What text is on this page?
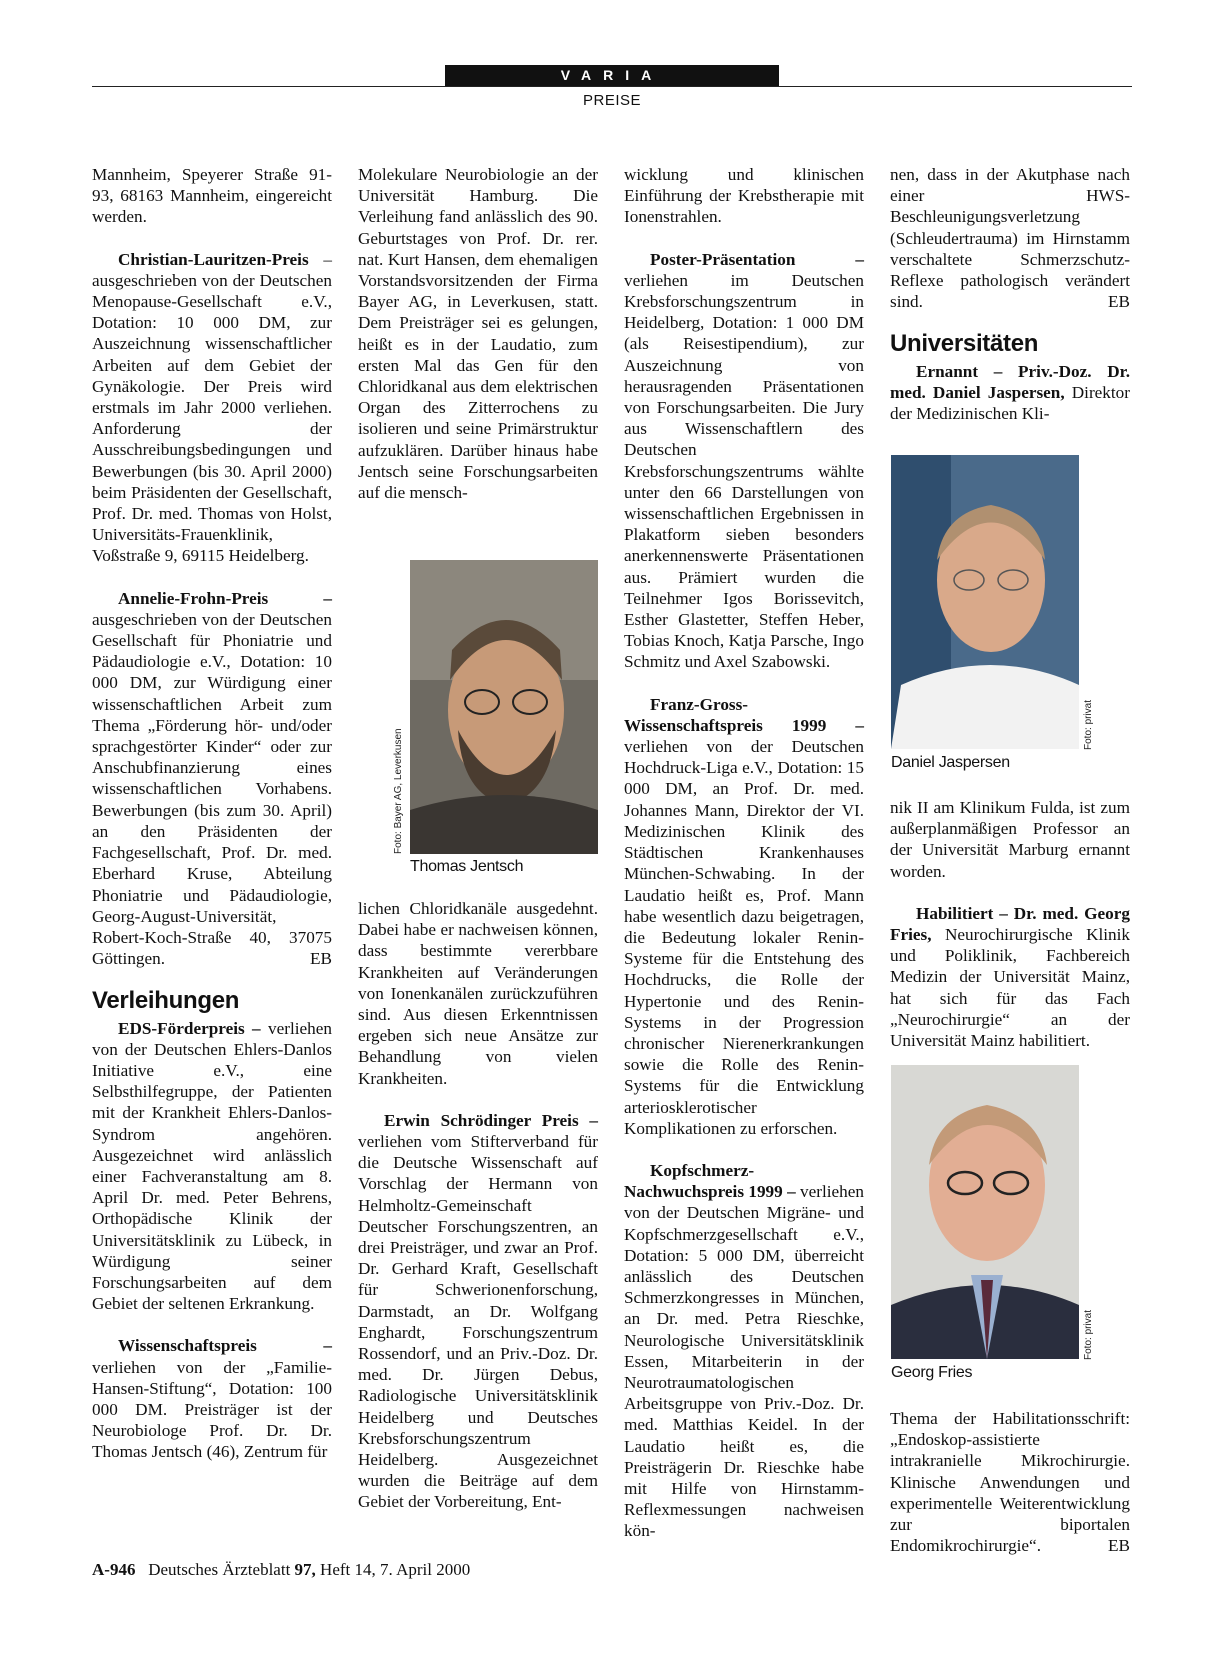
VARIA
PREISE

Mannheim, Speyerer Straße 91-93, 68163 Mannheim, eingereicht werden.

Christian-Lauritzen-Preis – ausgeschrieben von der Deutschen Menopause-Gesellschaft e.V., Dotation: 10 000 DM, zur Auszeichnung wissenschaftlicher Arbeiten auf dem Gebiet der Gynäkologie. Der Preis wird erstmals im Jahr 2000 verliehen. Anforderung der Ausschreibungsbedingungen und Bewerbungen (bis 30. April 2000) beim Präsidenten der Gesellschaft, Prof. Dr. med. Thomas von Holst, Universitäts-Frauenklinik, Voßstraße 9, 69115 Heidelberg.

Annelie-Frohn-Preis – ausgeschrieben von der Deutschen Gesellschaft für Phoniatrie und Pädaudiologie e.V., Dotation: 10 000 DM, zur Würdigung einer wissenschaftlichen Arbeit zum Thema „Förderung hör- und/oder sprachgestörter Kinder“ oder zur Anschubfinanzierung eines wissenschaftlichen Vorhabens. Bewerbungen (bis zum 30. April) an den Präsidenten der Fachgesellschaft, Prof. Dr. med. Eberhard Kruse, Abteilung Phoniatrie und Pädaudiologie, Georg-August-Universität, Robert-Koch-Straße 40, 37075 Göttingen.	EB

Verleihungen

EDS-Förderpreis – verliehen von der Deutschen Ehlers-Danlos Initiative e.V., eine Selbsthilfegruppe, der Patienten mit der Krankheit Ehlers-Danlos-Syndrom angehören. Ausgezeichnet wird anlässlich einer Fachveranstaltung am 8. April Dr. med. Peter Behrens, Orthopädische Klinik der Universitätsklinik zu Lübeck, in Würdigung seiner Forschungsarbeiten auf dem Gebiet der seltenen Erkrankung.

Wissenschaftspreis – verliehen von der „Familie-Hansen-Stiftung“, Dotation: 100 000 DM. Preisträger ist der Neurobiologe Prof. Dr. Dr. Thomas Jentsch (46), Zentrum für

Molekulare Neurobiologie an der Universität Hamburg. Die Verleihung fand anlässlich des 90. Geburtstages von Prof. Dr. rer. nat. Kurt Hansen, dem ehemaligen Vorstandsvorsitzenden der Firma Bayer AG, in Leverkusen, statt. Dem Preisträger sei es gelungen, heißt es in der Laudatio, zum ersten Mal das Gen für den Chloridkanal aus dem elektrischen Organ des Zitterrochens zu isolieren und seine Primärstruktur aufzuklären. Darüber hinaus habe Jentsch seine Forschungsarbeiten auf die mensch-

lichen Chloridkanäle ausgedehnt. Dabei habe er nachweisen können, dass bestimmte vererbbare Krankheiten auf Veränderungen von Ionenkanälen zurückzuführen sind. Aus diesen Erkenntnissen ergeben sich neue Ansätze zur Behandlung von vielen Krankheiten.

Erwin Schrödinger Preis – verliehen vom Stifterverband für die Deutsche Wissenschaft auf Vorschlag der Hermann von Helmholtz-Gemeinschaft Deutscher Forschungszentren, an drei Preisträger, und zwar an Prof. Dr. Gerhard Kraft, Gesellschaft für Schwerionenforschung, Darmstadt, an Dr. Wolfgang Enghardt, Forschungszentrum Rossendorf, und an Priv.-Doz. Dr. med. Dr. Jürgen Debus, Radiologische Universitätsklinik Heidelberg und Deutsches Krebsforschungszentrum Heidelberg. Ausgezeichnet wurden die Beiträge auf dem Gebiet der Vorbereitung, Ent-

Foto: Bayer AG, Leverkusen
Thomas Jentsch

wicklung und klinischen Einführung der Krebstherapie mit Ionenstrahlen.

Poster-Präsentation – verliehen im Deutschen Krebsforschungszentrum in Heidelberg, Dotation: 1 000 DM (als Reisestipendium), zur Auszeichnung von herausragenden Präsentationen von Forschungsarbeiten. Die Jury aus Wissenschaftlern des Deutschen Krebsforschungszentrums wählte unter den 66 Darstellungen von wissenschaftlichen Ergebnissen in Plakatform sieben besonders anerkennenswerte Präsentationen aus. Prämiert wurden die Teilnehmer Igos Borissevitch, Esther Glastetter, Steffen Heber, Tobias Knoch, Katja Parsche, Ingo Schmitz und Axel Szabowski.

Franz-Gross-Wissenschaftspreis 1999 – verliehen von der Deutschen Hochdruck-Liga e.V., Dotation: 15 000 DM, an Prof. Dr. med. Johannes Mann, Direktor der VI. Medizinischen Klinik des Städtischen Krankenhauses München-Schwabing. In der Laudatio heißt es, Prof. Mann habe wesentlich dazu beigetragen, die Bedeutung lokaler Renin-Systeme für die Entstehung des Hochdrucks, die Rolle der Hypertonie und des Renin-Systems in der Progression chronischer Nierenerkrankungen sowie die Rolle des Renin-Systems für die Entwicklung arteriosklerotischer Komplikationen zu erforschen.

Kopfschmerz-Nachwuchspreis 1999 – verliehen von der Deutschen Migräne- und Kopfschmerzgesellschaft e.V., Dotation: 5 000 DM, überreicht anlässlich des Deutschen Schmerzkongresses in München, an Dr. med. Petra Rieschke, Neurologische Universitätsklinik Essen, Mitarbeiterin in der Neurotraumatologischen Arbeitsgruppe von Priv.-Doz. Dr. med. Matthias Keidel. In der Laudatio heißt es, die Preisträgerin Dr. Rieschke habe mit Hilfe von Hirnstamm-Reflexmessungen nachweisen kön-

nen, dass in der Akutphase nach einer HWS-Beschleunigungsverletzung (Schleudertrauma) im Hirnstamm verschaltete Schmerzschutz-Reflexe pathologisch verändert sind.	EB

Universitäten

Ernannt – Priv.-Doz. Dr. med. Daniel Jaspersen, Direktor der Medizinischen Kli-

Foto: privat
Daniel Jaspersen

nik II am Klinikum Fulda, ist zum außerplanmäßigen Professor an der Universität Marburg ernannt worden.

Habilitiert – Dr. med. Georg Fries, Neurochirurgische Klinik und Poliklinik, Fachbereich Medizin der Universität Mainz, hat sich für das Fach „Neurochirurgie“ an der Universität Mainz habilitiert.

Foto: privat
Georg Fries

Thema der Habilitationsschrift: „Endoskop-assistierte intrakranielle Mikrochirurgie. Klinische Anwendungen und experimentelle Weiterentwicklung zur biportalen Endomikrochirurgie“.	EB

A-946 Deutsches Ärzteblatt 97, Heft 14, 7. April 2000
